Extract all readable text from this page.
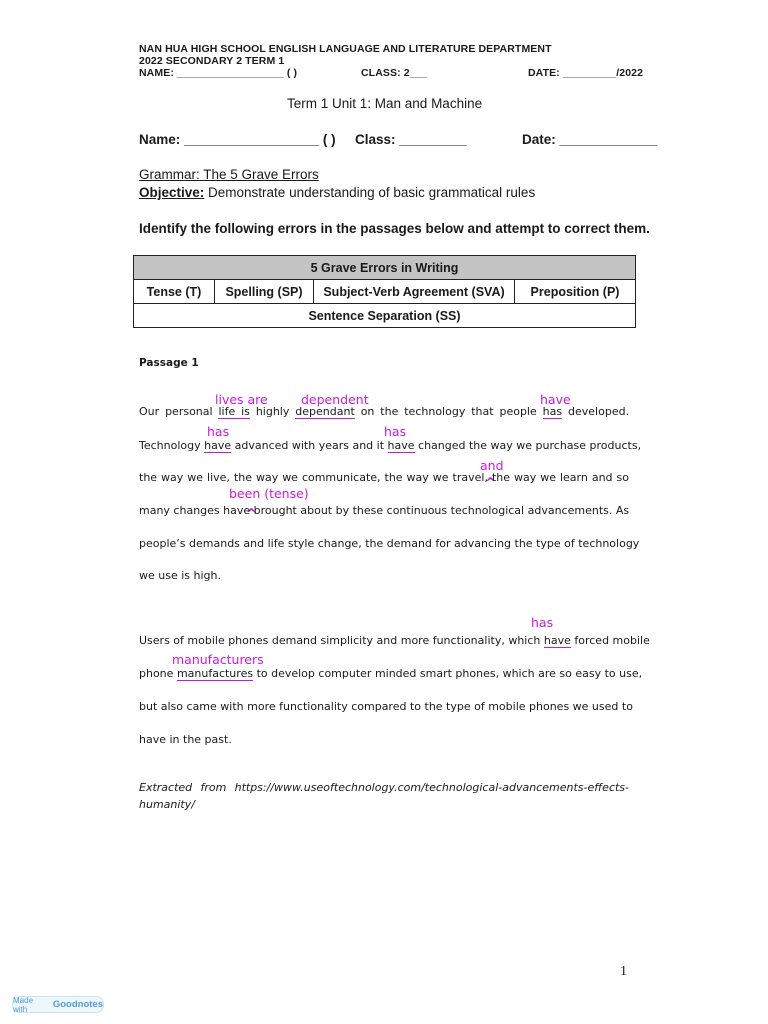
NAN HUA HIGH SCHOOL ENGLISH LANGUAGE AND LITERATURE DEPARTMENT
2022 SECONDARY 2 TERM 1
NAME: __________________ ( )	CLASS: 2___	DATE: _________/2022
Term 1 Unit 1: Man and Machine
Name: __________________ ( ) Class: _________	Date: _____________
Grammar: The 5 Grave Errors
Objective: Demonstrate understanding of basic grammatical rules
Identify the following errors in the passages below and attempt to correct them.
5 Grave Errors in Writing
Tense (T)	Spelling (SP)	Subject-Verb Agreement (SVA)	Preposition (P)
Sentence Separation (SS)
Passage 1
lives are	dependent	have
has	has
and
^
been (tense)
^
has
manufacturers
Our personal life is highly dependant on the technology that people has developed.
Technology have advanced with years and it have changed the way we purchase products,
the way we live, the way we communicate, the way we travel, the way we learn and so
many changes have brought about by these continuous technological advancements. As
people’s demands and life style change, the demand for advancing the type of technology
we use is high.
Users of mobile phones demand simplicity and more functionality, which have forced mobile
phone manufactures to develop computer minded smart phones, which are so easy to use,
but also came with more functionality compared to the type of mobile phones we used to
have in the past.
Extracted from https://www.useoftechnology.com/technological-advancements-effects-
humanity/
1
Made with	Goodnotes
